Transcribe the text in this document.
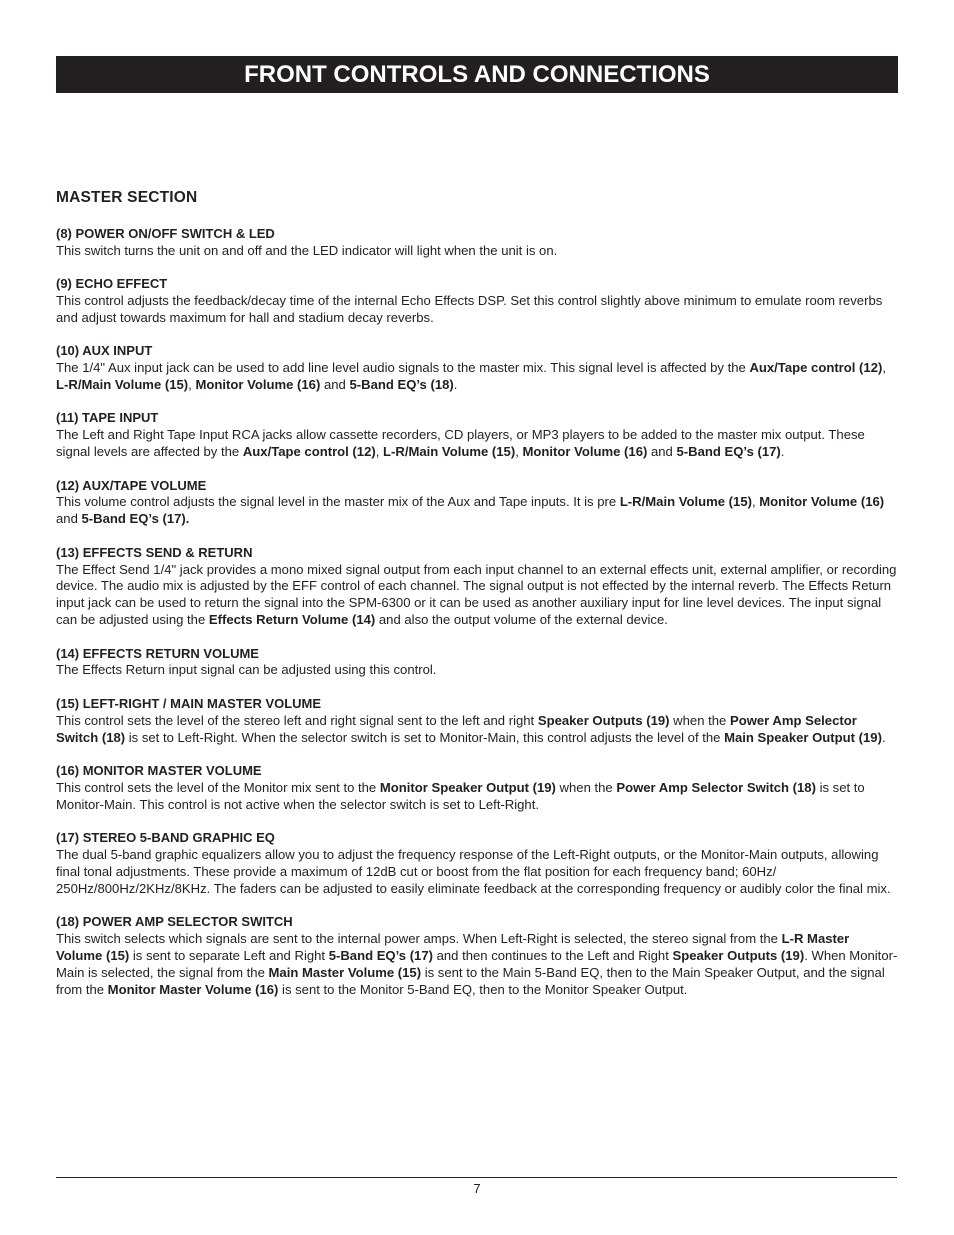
FRONT CONTROLS AND CONNECTIONS
MASTER SECTION
(8) POWER ON/OFF SWITCH & LED

This switch turns the unit on and off and the LED indicator will light when the unit is on.

(9) ECHO EFFECT

This control adjusts the feedback/decay time of the internal Echo Effects DSP. Set this control slightly above minimum to emulate room reverbs and adjust towards maximum for hall and stadium decay reverbs.

(10) AUX INPUT

The 1/4" Aux input jack can be used to add line level audio signals to the master mix. This signal level is affected by the Aux/Tape control (12), L-R/Main Volume (15), Monitor Volume (16) and 5-Band EQ’s (18).

(11) TAPE INPUT

The Left and Right Tape Input RCA jacks allow cassette recorders, CD players, or MP3 players to be added to the master mix output. These signal levels are affected by the Aux/Tape control (12), L-R/Main Volume (15), Monitor Volume (16) and 5-Band EQ’s (17).

(12) AUX/TAPE VOLUME

This volume control adjusts the signal level in the master mix of the Aux and Tape inputs. It is pre L-R/Main Volume (15), Monitor Volume (16) and 5-Band EQ’s (17).

(13) EFFECTS SEND & RETURN

The Effect Send 1/4" jack provides a mono mixed signal output from each input channel to an external effects unit, external amplifier, or recording device. The audio mix is adjusted by the EFF control of each channel. The signal output is not effected by the internal reverb. The Effects Return input jack can be used to return the signal into the SPM-6300 or it can be used as another auxiliary input for line level devices. The input signal can be adjusted using the Effects Return Volume (14) and also the output volume of the external device.

(14) EFFECTS RETURN VOLUME

The Effects Return input signal can be adjusted using this control.

(15) LEFT-RIGHT / MAIN MASTER VOLUME

This control sets the level of the stereo left and right signal sent to the left and right Speaker Outputs (19) when the Power Amp Selector Switch (18) is set to Left-Right. When the selector switch is set to Monitor-Main, this control adjusts the level of the Main Speaker Output (19).

(16) MONITOR MASTER VOLUME

This control sets the level of the Monitor mix sent to the Monitor Speaker Output (19) when the Power Amp Selector Switch (18) is set to Monitor-Main. This control is not active when the selector switch is set to Left-Right.

(17) STEREO 5-BAND GRAPHIC EQ

The dual 5-band graphic equalizers allow you to adjust the frequency response of the Left-Right outputs, or the Monitor-Main outputs, allowing final tonal adjustments. These provide a maximum of 12dB cut or boost from the flat position for each frequency band; 60Hz/ 250Hz/800Hz/2KHz/8KHz. The faders can be adjusted to easily eliminate feedback at the corresponding frequency or audibly color the final mix.

(18) POWER AMP SELECTOR SWITCH

This switch selects which signals are sent to the internal power amps. When Left-Right is selected, the stereo signal from the L-R Master Volume (15) is sent to separate Left and Right 5-Band EQ’s (17) and then continues to the Left and Right Speaker Outputs (19). When Monitor-Main is selected, the signal from the Main Master Volume (15) is sent to the Main 5-Band EQ, then to the Main Speaker Output, and the signal from the Monitor Master Volume (16) is sent to the Monitor 5-Band EQ, then to the Monitor Speaker Output.

7
